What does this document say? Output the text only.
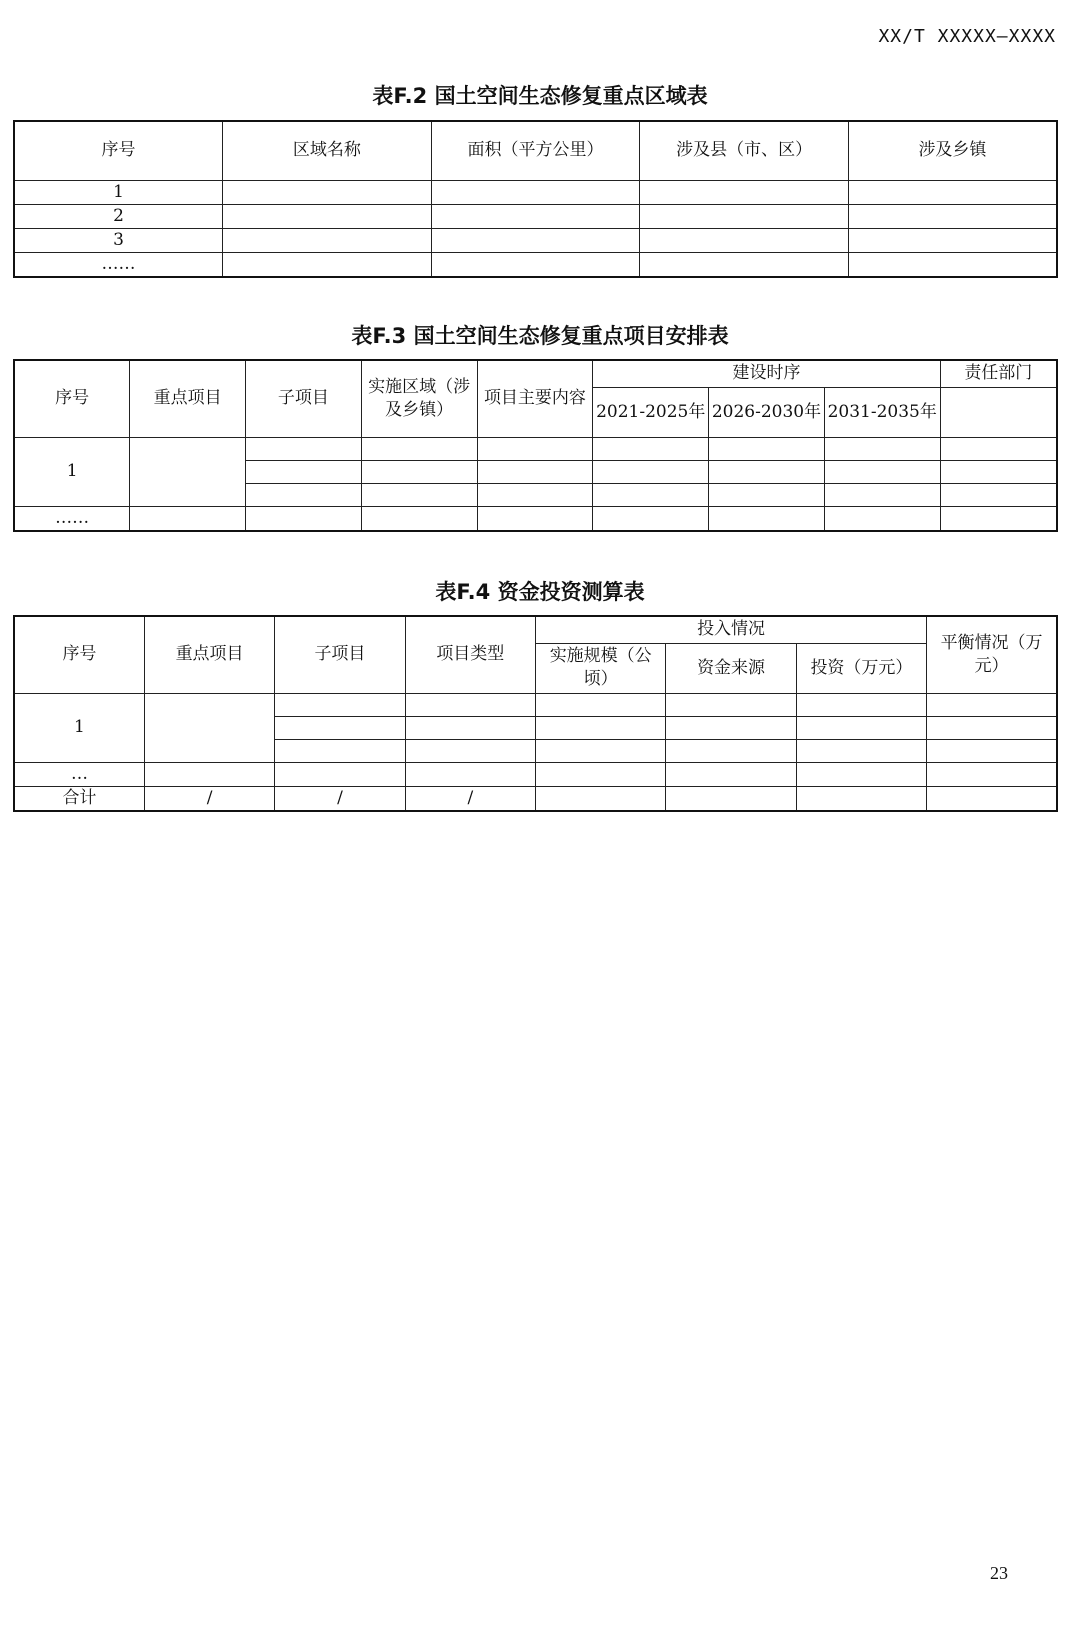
XX/T XXXXX—XXXX
表F.2 国土空间生态修复重点区域表
序号	区域名称	面积（平方公里）	涉及县（市、区）	涉及乡镇
1				
2				
3				
……				
表F.3 国土空间生态修复重点项目安排表
序号	重点项目	子项目	实施区域（涉及乡镇）	项目主要内容	建设时序			责任部门
					2021-2025年	2026-2030年	2031-2035年	
1								

……								
表F.4 资金投资测算表
序号	重点项目	子项目	项目类型	投入情况			平衡情况（万元）
				实施规模（公顷）	资金来源	投资（万元）	
1							

…							
合计	/	/	/				
23
